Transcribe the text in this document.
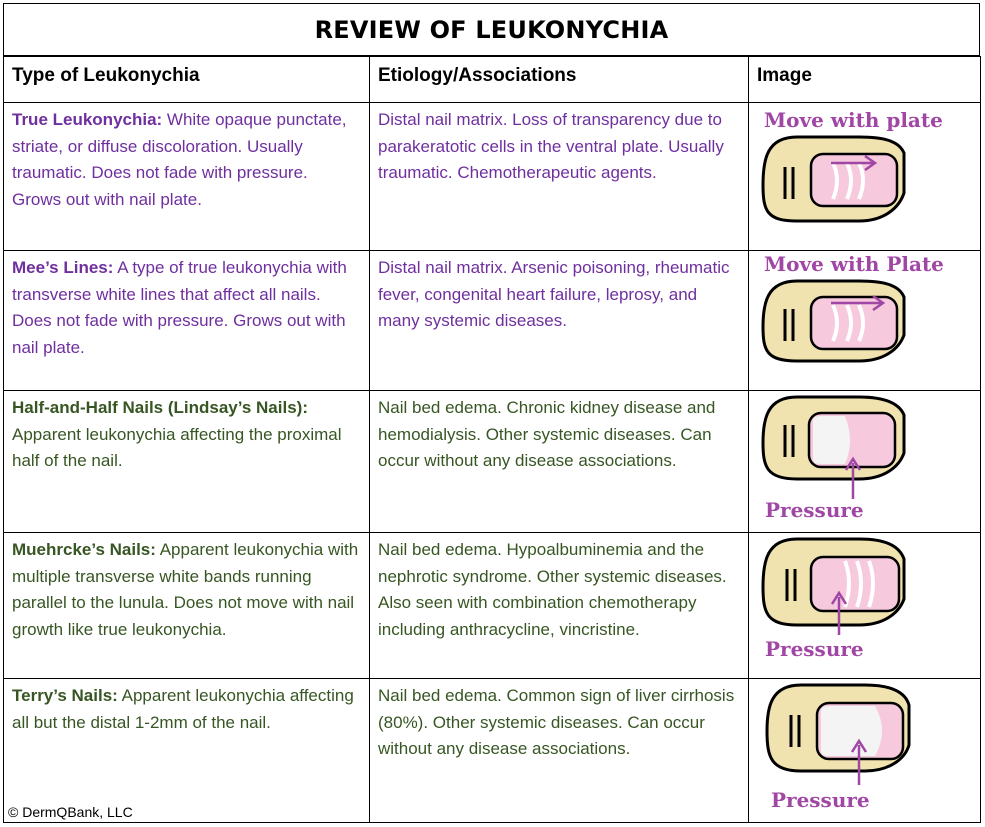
REVIEW OF LEUKONYCHIA
Type of Leukonychia	Etiology/Associations	Image
True Leukonychia: White opaque punctate, striate, or diffuse discoloration. Usually traumatic. Does not fade with pressure. Grows out with nail plate.	Distal nail matrix. Loss of transparency due to parakeratotic cells in the ventral plate. Usually traumatic. Chemotherapeutic agents.	Move with plate

Mee’s Lines: A type of true leukonychia with transverse white lines that affect all nails. Does not fade with pressure. Grows out with nail plate.	Distal nail matrix. Arsenic poisoning, rheumatic fever, congenital heart failure, leprosy, and many systemic diseases.	Move with Plate

Half-and-Half Nails (Lindsay’s Nails): Apparent leukonychia affecting the proximal half of the nail.	Nail bed edema. Chronic kidney disease and hemodialysis. Other systemic diseases. Can occur without any disease associations.	Pressure

Muehrcke’s Nails: Apparent leukonychia with multiple transverse white bands running parallel to the lunula. Does not move with nail growth like true leukonychia.	Nail bed edema. Hypoalbuminemia and the nephrotic syndrome. Other systemic diseases. Also seen with combination chemotherapy including anthracycline, vincristine.	Pressure

Terry’s Nails: Apparent leukonychia affecting all but the distal 1-2mm of the nail.	Nail bed edema. Common sign of liver cirrhosis (80%). Other systemic diseases. Can occur without any disease associations.	Pressure
© DermQBank, LLC
